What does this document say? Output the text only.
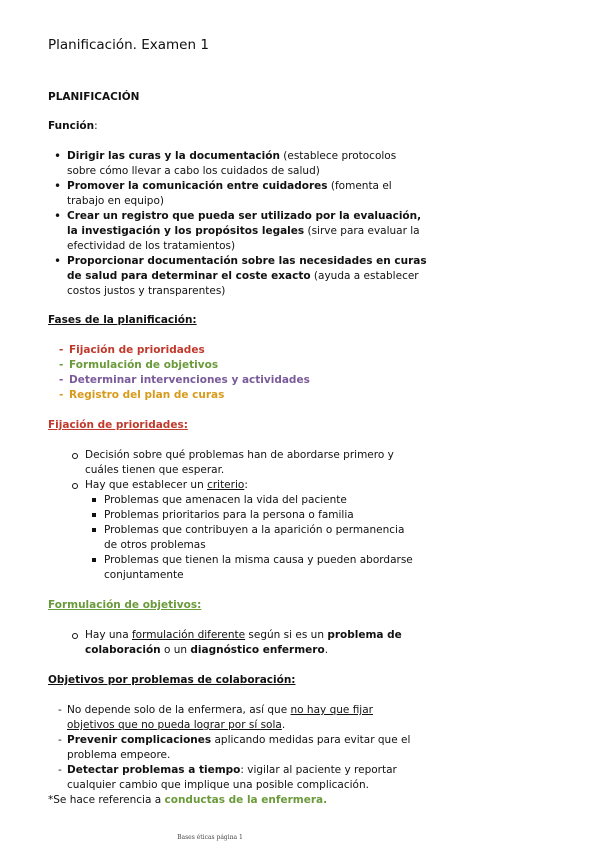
Planificación. Examen 1
PLANIFICACIÓN
Función:
• Dirigir las curas y la documentación (establece protocolos sobre cómo llevar a cabo los cuidados de salud)
• Promover la comunicación entre cuidadores (fomenta el trabajo en equipo)
• Crear un registro que pueda ser utilizado por la evaluación, la investigación y los propósitos legales (sirve para evaluar la efectividad de los tratamientos)
• Proporcionar documentación sobre las necesidades en curas de salud para determinar el coste exacto (ayuda a establecer costos justos y transparentes)
Fases de la planificación:
- Fijación de prioridades
- Formulación de objetivos
- Determinar intervenciones y actividades
- Registro del plan de curas
Fijación de prioridades:
Decisión sobre qué problemas han de abordarse primero y cuáles tienen que esperar.
Hay que establecer un criterio:
Problemas que amenacen la vida del paciente
Problemas prioritarios para la persona o familia
Problemas que contribuyen a la aparición o permanencia de otros problemas
Problemas que tienen la misma causa y pueden abordarse conjuntamente
Formulación de objetivos:
Hay una formulación diferente según si es un problema de colaboración o un diagnóstico enfermero.
Objetivos por problemas de colaboración:
- No depende solo de la enfermera, así que no hay que fijar objetivos que no pueda lograr por sí sola.
- Prevenir complicaciones aplicando medidas para evitar que el problema empeore.
- Detectar problemas a tiempo: vigilar al paciente y reportar cualquier cambio que implique una posible complicación.
*Se hace referencia a conductas de la enfermera.
Bases éticas página 1
